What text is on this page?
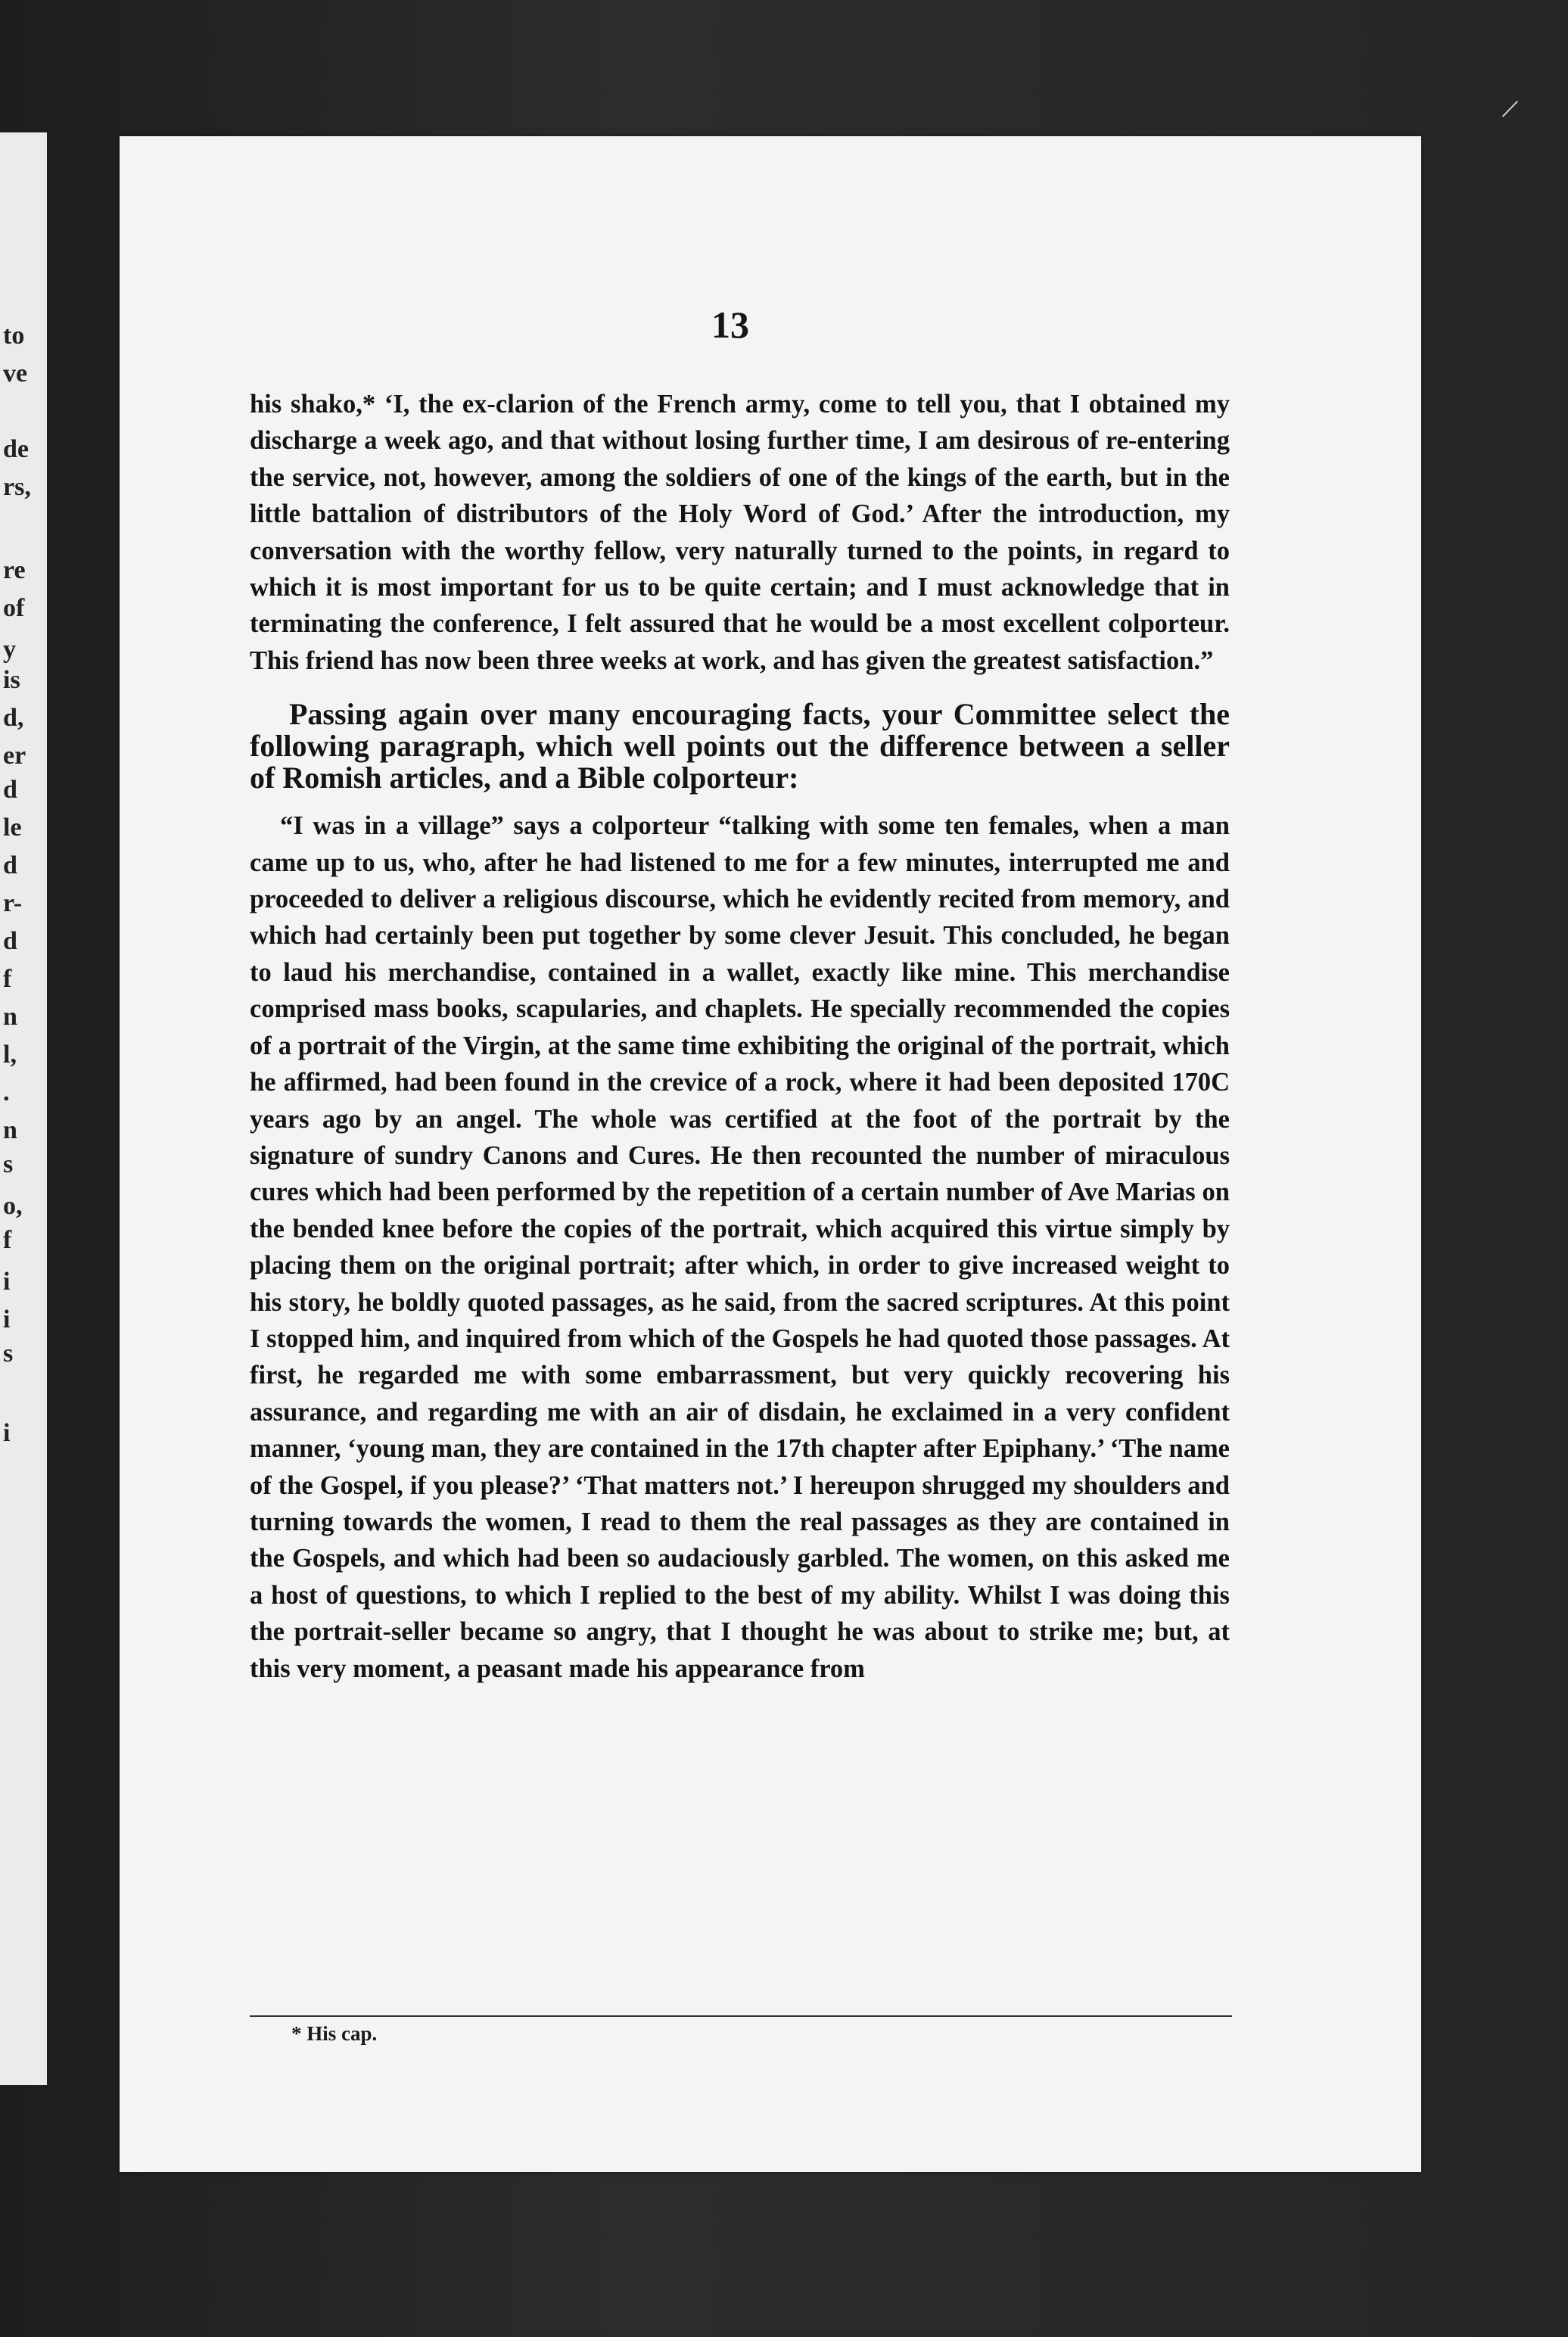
to
ve
de
rs,
re
of
y
is
d,
er
d
le
d
r-
d
f
n
l,
.
n
s
o,
f
i
i
s
i
/
13

his shako,* ‘I, the ex-clarion of the French army, come to tell you, that I obtained my discharge a week ago, and that without losing further time, I am desirous of re-entering the service, not, however, among the soldiers of one of the kings of the earth, but in the little battalion of distributors of the Holy Word of God.’ After the introduction, my conversation with the worthy fellow, very naturally turned to the points, in regard to which it is most important for us to be quite certain; and I must acknowledge that in terminating the conference, I felt assured that he would be a most excellent colporteur. This friend has now been three weeks at work, and has given the greatest satisfaction.”

Passing again over many encouraging facts, your Committee select the following paragraph, which well points out the difference between a seller of Romish articles, and a Bible colporteur:

“I was in a village” says a colporteur “talking with some ten females, when a man came up to us, who, after he had listened to me for a few minutes, interrupted me and proceeded to deliver a religious discourse, which he evidently recited from memory, and which had certainly been put together by some clever Jesuit. This concluded, he began to laud his merchandise, contained in a wallet, exactly like mine. This merchandise comprised mass books, scapularies, and chaplets. He specially recommended the copies of a portrait of the Virgin, at the same time exhibiting the original of the portrait, which he affirmed, had been found in the crevice of a rock, where it had been deposited 170C years ago by an angel. The whole was certified at the foot of the portrait by the signature of sundry Canons and Cures. He then recounted the number of miraculous cures which had been performed by the repetition of a certain number of Ave Marias on the bended knee before the copies of the portrait, which acquired this virtue simply by placing them on the original portrait; after which, in order to give increased weight to his story, he boldly quoted passages, as he said, from the sacred scriptures. At this point I stopped him, and inquired from which of the Gospels he had quoted those passages. At first, he regarded me with some embarrassment, but very quickly recovering his assurance, and regarding me with an air of disdain, he exclaimed in a very confident manner, ‘young man, they are contained in the 17th chapter after Epiphany.’ ‘The name of the Gospel, if you please?’ ‘That matters not.’ I hereupon shrugged my shoulders and turning towards the women, I read to them the real passages as they are contained in the Gospels, and which had been so audaciously garbled. The women, on this asked me a host of questions, to which I replied to the best of my ability. Whilst I was doing this the portrait-seller became so angry, that I thought he was about to strike me; but, at this very moment, a peasant made his appearance from

* His cap.
